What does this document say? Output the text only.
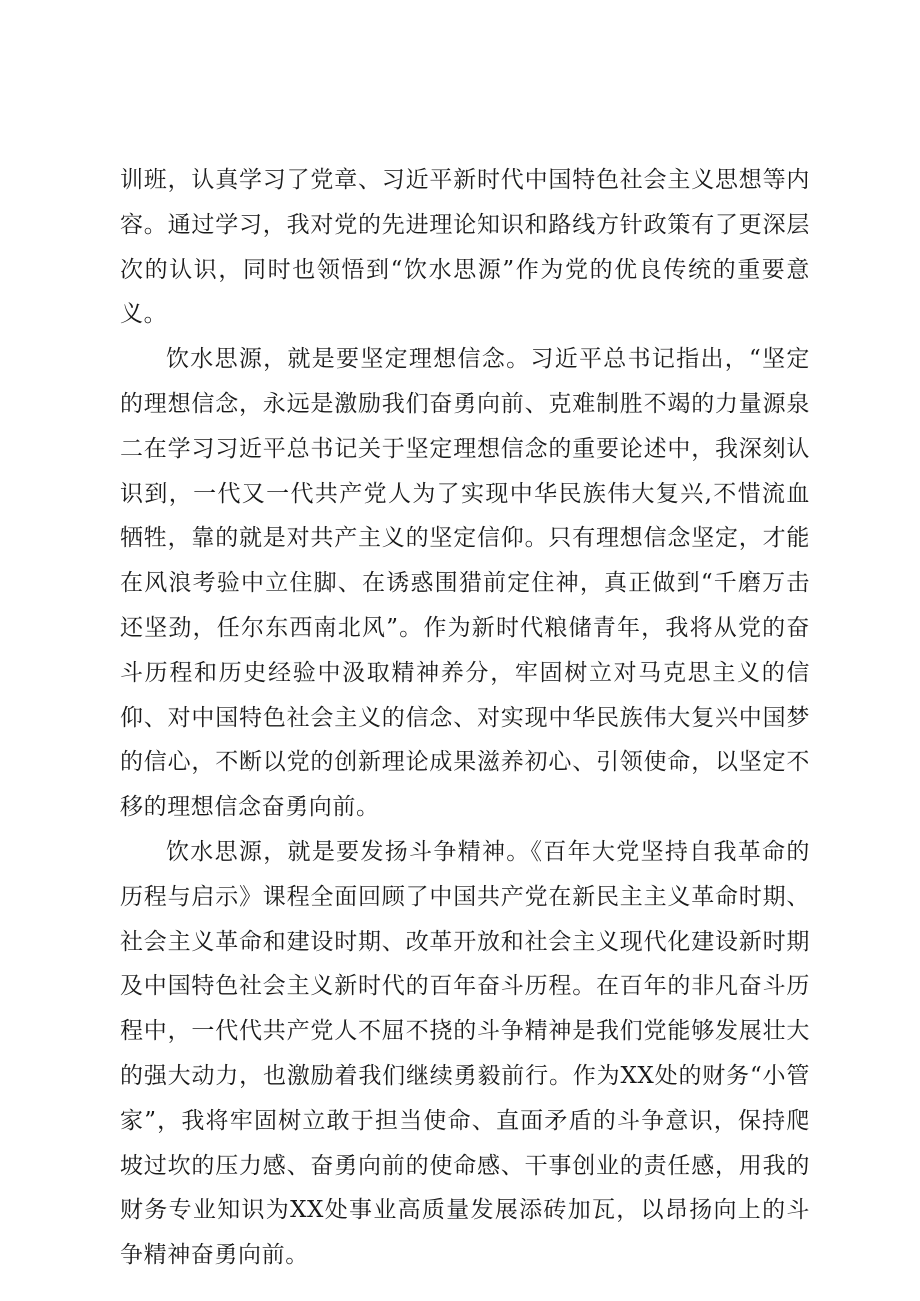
训班，认真学习了党章、习近平新时代中国特色社会主义思想等内容。通过学习，我对党的先进理论知识和路线方针政策有了更深层次的认识，同时也领悟到“饮水思源”作为党的优良传统的重要意义。

饮水思源，就是要坚定理想信念。习近平总书记指出，“坚定的理想信念，永远是激励我们奋勇向前、克难制胜不竭的力量源泉二在学习习近平总书记关于坚定理想信念的重要论述中，我深刻认识到，一代又一代共产党人为了实现中华民族伟大复兴,不惜流血牺牲，靠的就是对共产主义的坚定信仰。只有理想信念坚定，才能在风浪考验中立住脚、在诱惑围猎前定住神，真正做到“千磨万击还坚劲，任尔东西南北风”。作为新时代粮储青年，我将从党的奋斗历程和历史经验中汲取精神养分，牢固树立对马克思主义的信仰、对中国特色社会主义的信念、对实现中华民族伟大复兴中国梦的信心，不断以党的创新理论成果滋养初心、引领使命，以坚定不移的理想信念奋勇向前。

饮水思源，就是要发扬斗争精神。《百年大党坚持自我革命的历程与启示》课程全面回顾了中国共产党在新民主主义革命时期、社会主义革命和建设时期、改革开放和社会主义现代化建设新时期及中国特色社会主义新时代的百年奋斗历程。在百年的非凡奋斗历程中，一代代共产党人不屈不挠的斗争精神是我们党能够发展壮大的强大动力，也激励着我们继续勇毅前行。作为XX处的财务“小管家”，我将牢固树立敢于担当使命、直面矛盾的斗争意识，保持爬坡过坎的压力感、奋勇向前的使命感、干事创业的责任感，用我的财务专业知识为XX处事业高质量发展添砖加瓦，以昂扬向上的斗争精神奋勇向前。
